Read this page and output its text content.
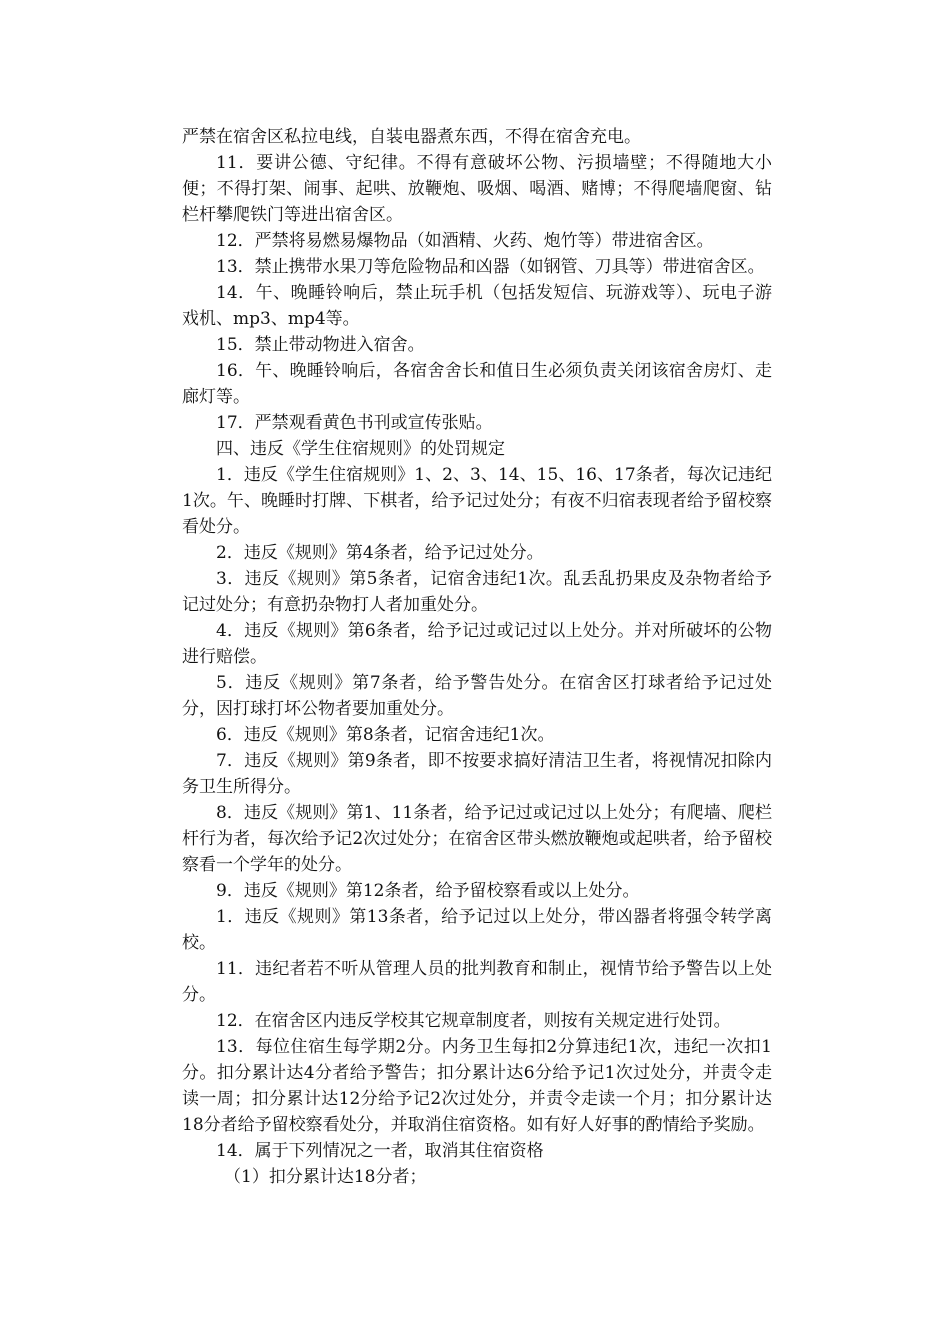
严禁在宿舍区私拉电线，自装电器煮东西，不得在宿舍充电。

11．要讲公德、守纪律。不得有意破坏公物、污损墙壁；不得随地大小便；不得打架、闹事、起哄、放鞭炮、吸烟、喝酒、赌博；不得爬墙爬窗、钻栏杆攀爬铁门等进出宿舍区。

12．严禁将易燃易爆物品（如酒精、火药、炮竹等）带进宿舍区。

13．禁止携带水果刀等危险物品和凶器（如钢管、刀具等）带进宿舍区。

14．午、晚睡铃响后，禁止玩手机（包括发短信、玩游戏等）、玩电子游戏机、mp3、mp4等。

15．禁止带动物进入宿舍。

16．午、晚睡铃响后，各宿舍舍长和值日生必须负责关闭该宿舍房灯、走廊灯等。

17．严禁观看黄色书刊或宣传张贴。

四、违反《学生住宿规则》的处罚规定

1．违反《学生住宿规则》1、2、3、14、15、16、17条者，每次记违纪1次。午、晚睡时打牌、下棋者，给予记过处分；有夜不归宿表现者给予留校察看处分。

2．违反《规则》第4条者，给予记过处分。

3．违反《规则》第5条者，记宿舍违纪1次。乱丢乱扔果皮及杂物者给予记过处分；有意扔杂物打人者加重处分。

4．违反《规则》第6条者，给予记过或记过以上处分。并对所破坏的公物进行赔偿。

5．违反《规则》第7条者，给予警告处分。在宿舍区打球者给予记过处分，因打球打坏公物者要加重处分。

6．违反《规则》第8条者，记宿舍违纪1次。

7．违反《规则》第9条者，即不按要求搞好清洁卫生者，将视情况扣除内务卫生所得分。

8．违反《规则》第1、11条者，给予记过或记过以上处分；有爬墙、爬栏杆行为者，每次给予记2次过处分；在宿舍区带头燃放鞭炮或起哄者，给予留校察看一个学年的处分。

9．违反《规则》第12条者，给予留校察看或以上处分。

1．违反《规则》第13条者，给予记过以上处分，带凶器者将强令转学离校。

11．违纪者若不听从管理人员的批判教育和制止，视情节给予警告以上处分。

12．在宿舍区内违反学校其它规章制度者，则按有关规定进行处罚。

13．每位住宿生每学期2分。内务卫生每扣2分算违纪1次，违纪一次扣1分。扣分累计达4分者给予警告；扣分累计达6分给予记1次过处分，并责令走读一周；扣分累计达12分给予记2次过处分，并责令走读一个月；扣分累计达18分者给予留校察看处分，并取消住宿资格。如有好人好事的酌情给予奖励。

14．属于下列情况之一者，取消其住宿资格

（1）扣分累计达18分者；
